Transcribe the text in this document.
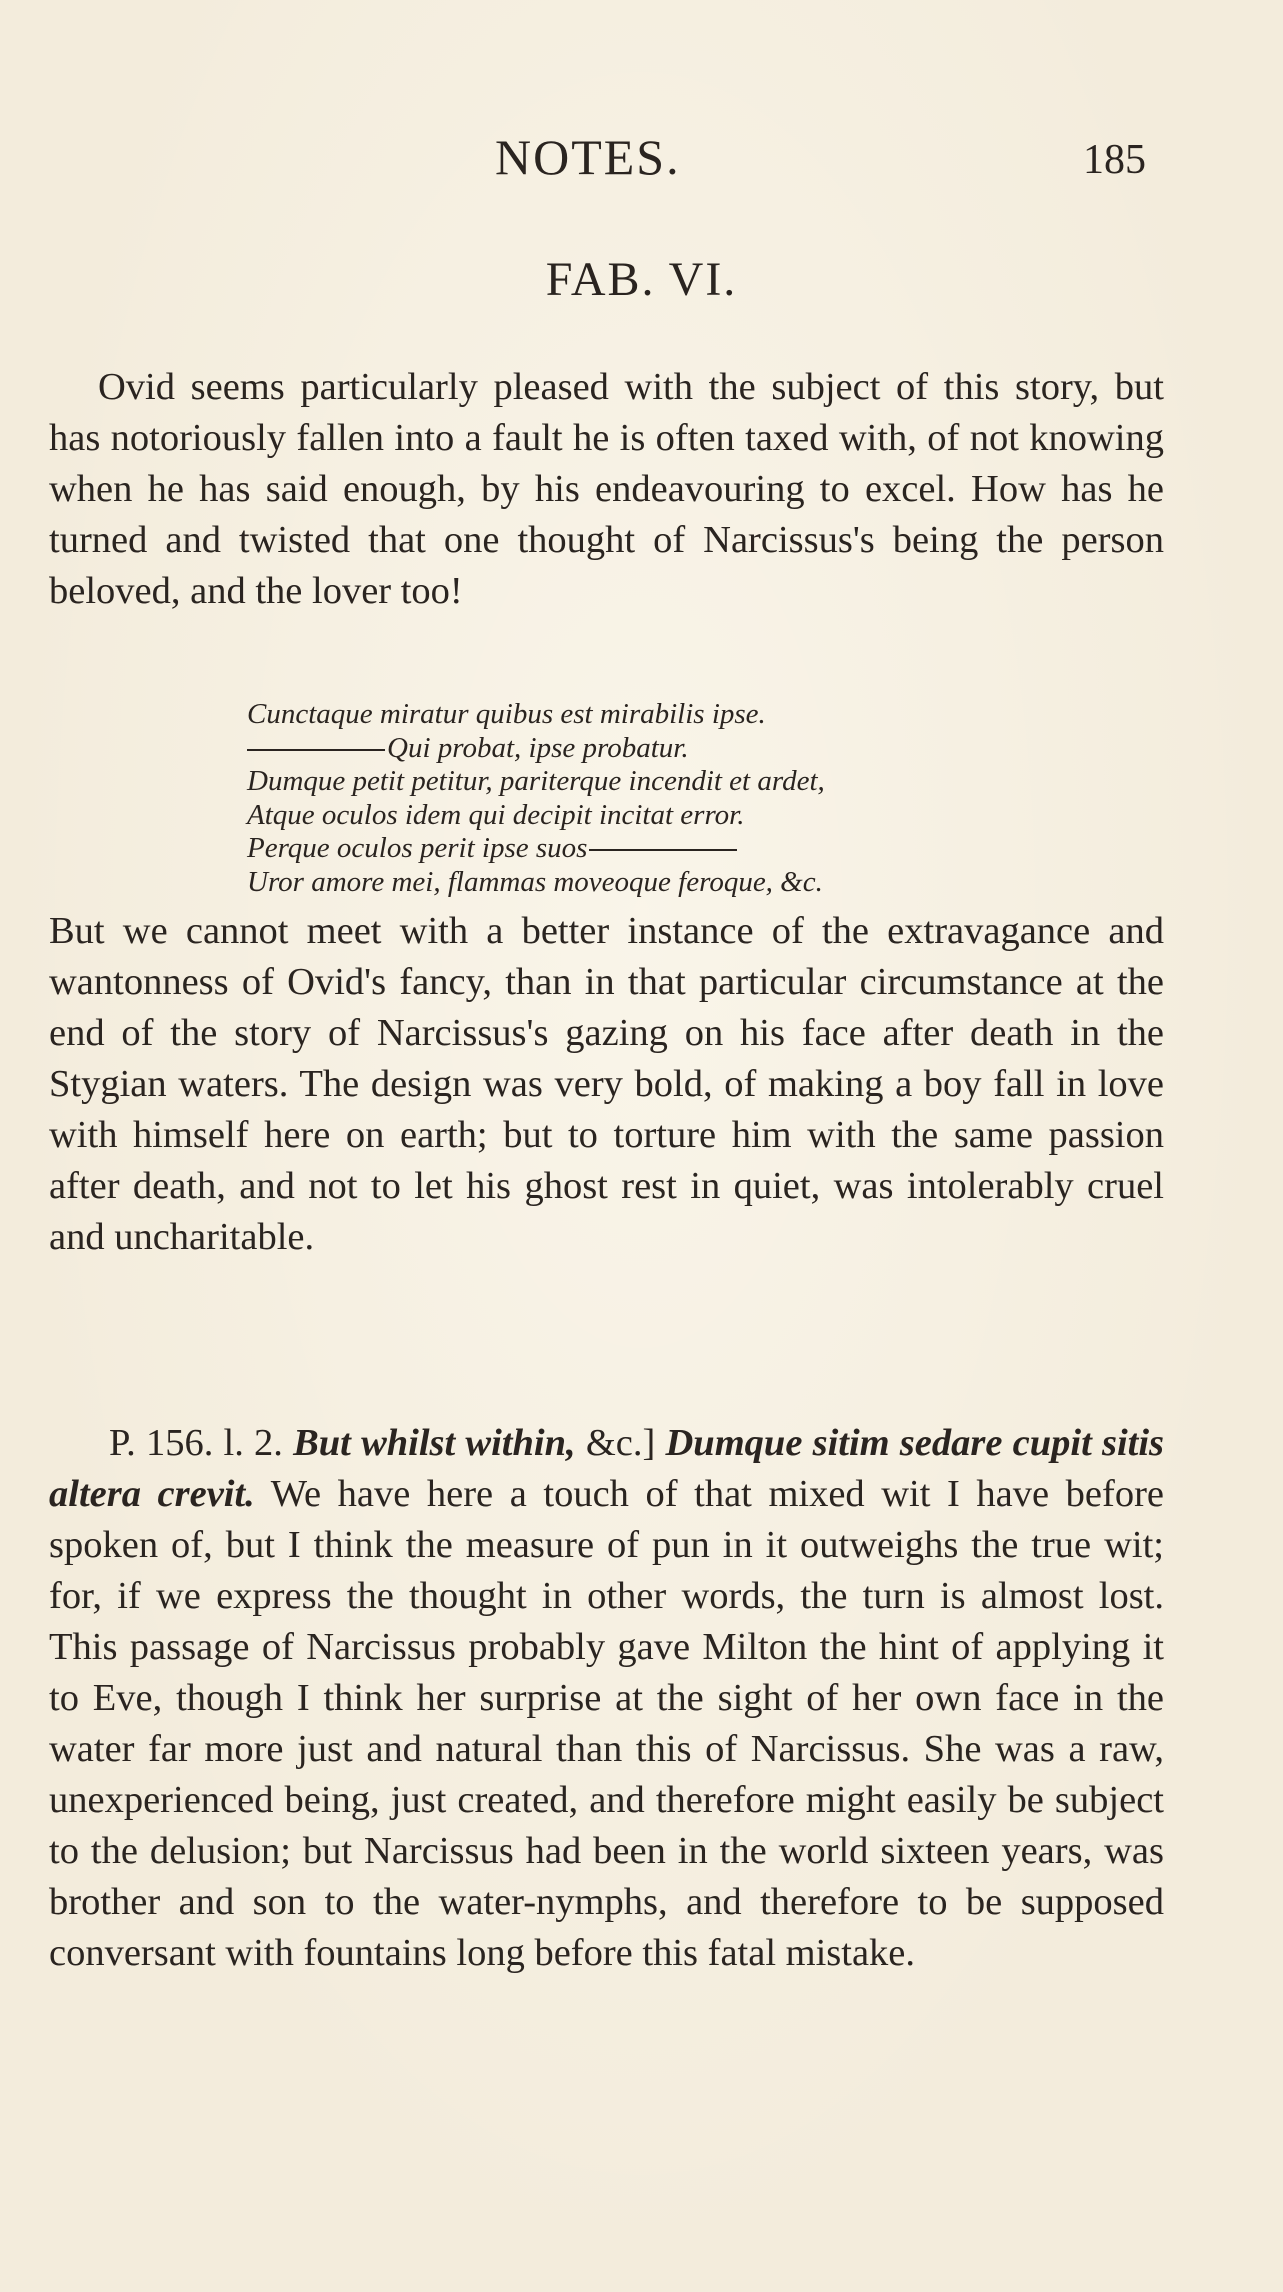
NOTES.	185
FAB. VI.

Ovid seems particularly pleased with the subject of this story, but has notoriously fallen into a fault he is often taxed with, of not knowing when he has said enough, by his endeavouring to excel. How has he turned and twisted that one thought of Narcissus's being the person beloved, and the lover too!

Cunctaque miratur quibus est mirabilis ipse.
Qui probat, ipse probatur.
Dumque petit petitur, pariterque incendit et ardet,
Atque oculos idem qui decipit incitat error.
Perque oculos perit ipse suos
Uror amore mei, flammas moveoque feroque, &c.

But we cannot meet with a better instance of the extravagance and wantonness of Ovid's fancy, than in that particular circumstance at the end of the story of Narcissus's gazing on his face after death in the Stygian waters. The design was very bold, of making a boy fall in love with himself here on earth; but to torture him with the same passion after death, and not to let his ghost rest in quiet, was intolerably cruel and uncharitable.

P. 156. l. 2. But whilst within, &c.] Dumque sitim sedare cupit sitis altera crevit. We have here a touch of that mixed wit I have before spoken of, but I think the measure of pun in it outweighs the true wit; for, if we express the thought in other words, the turn is almost lost. This passage of Narcissus probably gave Milton the hint of applying it to Eve, though I think her surprise at the sight of her own face in the water far more just and natural than this of Narcissus. She was a raw, unexperienced being, just created, and therefore might easily be subject to the delusion; but Narcissus had been in the world sixteen years, was brother and son to the water-nymphs, and therefore to be supposed conversant with fountains long before this fatal mistake.
